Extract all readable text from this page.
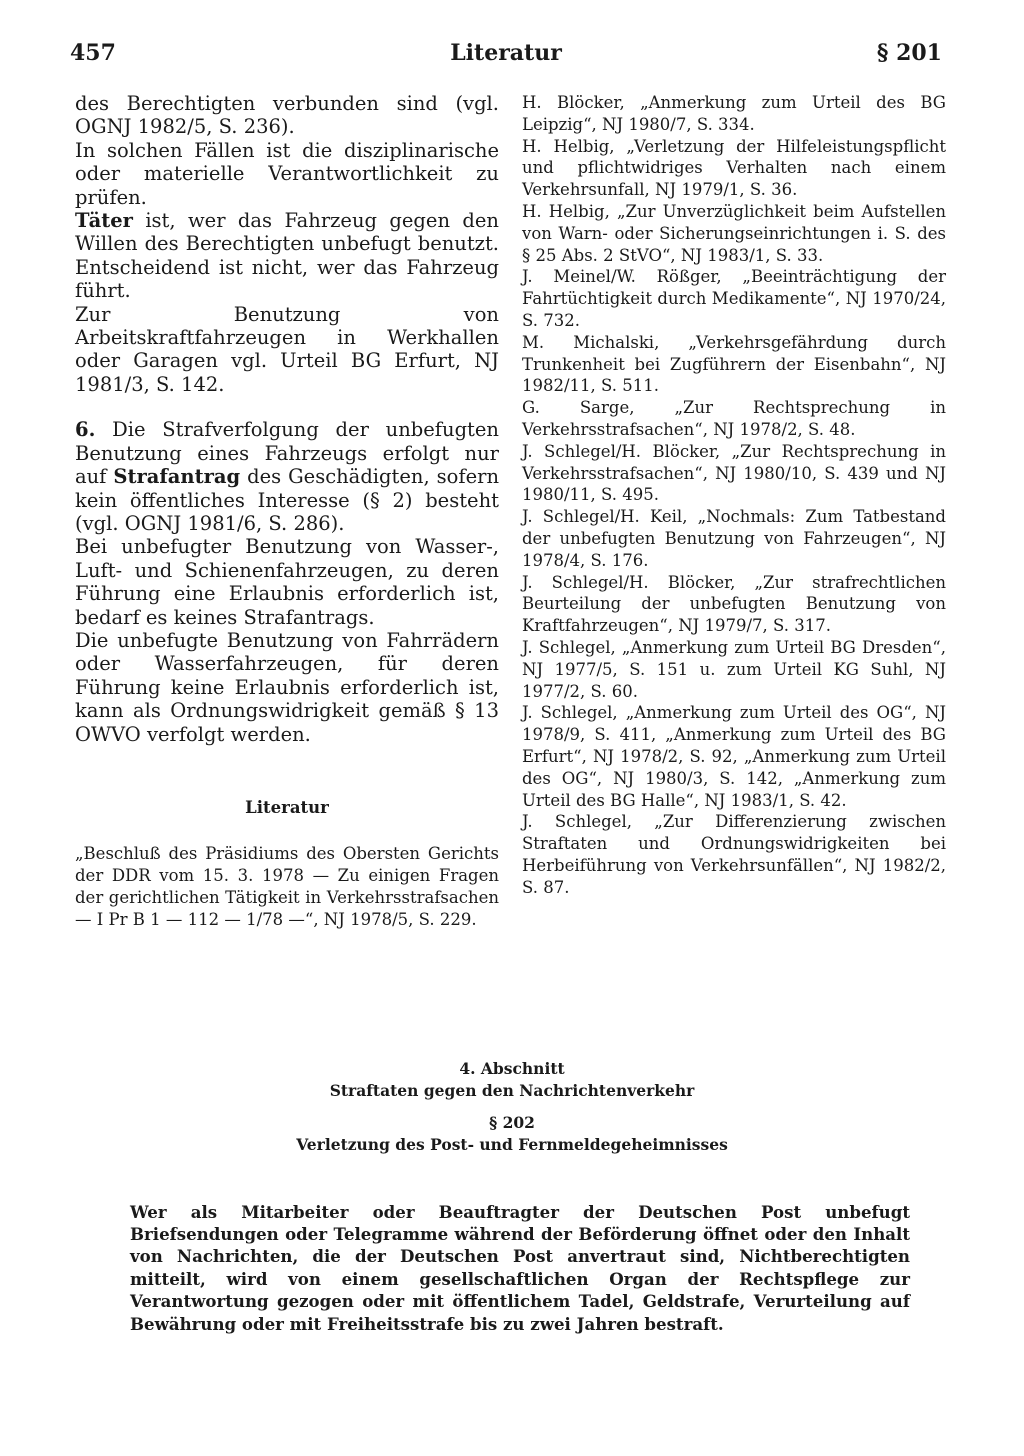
457	Literatur	§ 201

des Berechtigten verbunden sind (vgl. OGNJ 1982/5, S. 236).

In solchen Fällen ist die disziplinarische oder materielle Verantwortlichkeit zu prüfen.

Täter ist, wer das Fahrzeug gegen den Willen des Berechtigten unbefugt benutzt. Entscheidend ist nicht, wer das Fahrzeug führt.

Zur Benutzung von Arbeitskraftfahrzeugen in Werkhallen oder Garagen vgl. Urteil BG Erfurt, NJ 1981/3, S. 142.

6. Die Strafverfolgung der unbefugten Benutzung eines Fahrzeugs erfolgt nur auf Strafantrag des Geschädigten, sofern kein öffentliches Interesse (§ 2) besteht (vgl. OGNJ 1981/6, S. 286).

Bei unbefugter Benutzung von Wasser-, Luft- und Schienenfahrzeugen, zu deren Führung eine Erlaubnis erforderlich ist, bedarf es keines Strafantrags.

Die unbefugte Benutzung von Fahrrädern oder Wasserfahrzeugen, für deren Führung keine Erlaubnis erforderlich ist, kann als Ordnungswidrigkeit gemäß § 13 OWVO verfolgt werden.

Literatur

„Beschluß des Präsidiums des Obersten Gerichts der DDR vom 15. 3. 1978 — Zu einigen Fragen der gerichtlichen Tätigkeit in Verkehrsstrafsachen — I Pr B 1 — 112 — 1/78 —“, NJ 1978/5, S. 229.

H. Blöcker, „Anmerkung zum Urteil des BG Leipzig“, NJ 1980/7, S. 334.

H. Helbig, „Verletzung der Hilfeleistungspflicht und pflichtwidriges Verhalten nach einem Verkehrsunfall, NJ 1979/1, S. 36.

H. Helbig, „Zur Unverzüglichkeit beim Aufstellen von Warn- oder Sicherungseinrichtungen i. S. des § 25 Abs. 2 StVO“, NJ 1983/1, S. 33.

J. Meinel/W. Rößger, „Beeinträchtigung der Fahrtüchtigkeit durch Medikamente“, NJ 1970/24, S. 732.

M. Michalski, „Verkehrsgefährdung durch Trunkenheit bei Zugführern der Eisenbahn“, NJ 1982/11, S. 511.

G. Sarge, „Zur Rechtsprechung in Verkehrsstrafsachen“, NJ 1978/2, S. 48.

J. Schlegel/H. Blöcker, „Zur Rechtsprechung in Verkehrsstrafsachen“, NJ 1980/10, S. 439 und NJ 1980/11, S. 495.

J. Schlegel/H. Keil, „Nochmals: Zum Tatbestand der unbefugten Benutzung von Fahrzeugen“, NJ 1978/4, S. 176.

J. Schlegel/H. Blöcker, „Zur strafrechtlichen Beurteilung der unbefugten Benutzung von Kraftfahrzeugen“, NJ 1979/7, S. 317.

J. Schlegel, „Anmerkung zum Urteil BG Dresden“, NJ 1977/5, S. 151 u. zum Urteil KG Suhl, NJ 1977/2, S. 60.

J. Schlegel, „Anmerkung zum Urteil des OG“, NJ 1978/9, S. 411, „Anmerkung zum Urteil des BG Erfurt“, NJ 1978/2, S. 92, „Anmerkung zum Urteil des OG“, NJ 1980/3, S. 142, „Anmerkung zum Urteil des BG Halle“, NJ 1983/1, S. 42.

J. Schlegel, „Zur Differenzierung zwischen Straftaten und Ordnungswidrigkeiten bei Herbeiführung von Verkehrsunfällen“, NJ 1982/2, S. 87.

4. Abschnitt
Straftaten gegen den Nachrichtenverkehr
§ 202
Verletzung des Post- und Fernmeldegeheimnisses

Wer als Mitarbeiter oder Beauftragter der Deutschen Post unbefugt Briefsendungen oder Telegramme während der Beförderung öffnet oder den Inhalt von Nachrichten, die der Deutschen Post anvertraut sind, Nichtberechtigten mitteilt, wird von einem gesellschaftlichen Organ der Rechtspflege zur Verantwortung gezogen oder mit öffentlichem Tadel, Geldstrafe, Verurteilung auf Bewährung oder mit Freiheitsstrafe bis zu zwei Jahren bestraft.
